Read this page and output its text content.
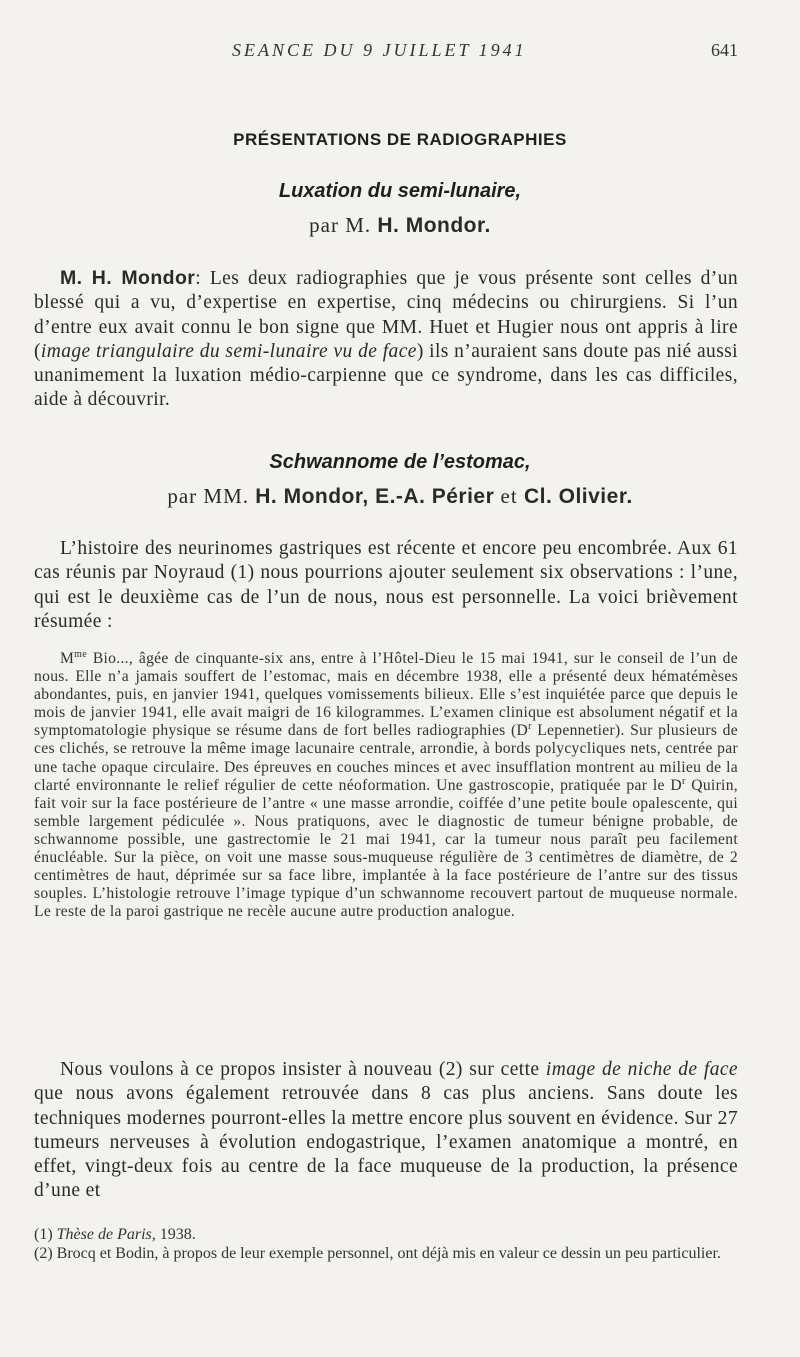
SEANCE DU 9 JUILLET 1941	641
PRÉSENTATIONS DE RADIOGRAPHIES
Luxation du semi-lunaire,
par M. H. Mondor.

M. H. Mondor: Les deux radiographies que je vous présente sont celles d’un blessé qui a vu, d’expertise en expertise, cinq médecins ou chirurgiens. Si l’un d’entre eux avait connu le bon signe que MM. Huet et Hugier nous ont appris à lire (image triangulaire du semi-lunaire vu de face) ils n’auraient sans doute pas nié aussi unanimement la luxation médio-carpienne que ce syndrome, dans les cas difficiles, aide à découvrir.

Schwannome de l’estomac,
par MM. H. Mondor, E.-A. Périer et Cl. Olivier.

L’histoire des neurinomes gastriques est récente et encore peu encombrée. Aux 61 cas réunis par Noyraud (1) nous pourrions ajouter seulement six observations : l’une, qui est le deuxième cas de l’un de nous, nous est personnelle. La voici brièvement résumée :

$M^{me}$ Bio..., âgée de cinquante-six ans, entre à l’Hôtel-Dieu le 15 mai 1941, sur le conseil de l’un de nous. Elle n’a jamais souffert de l’estomac, mais en décembre 1938, elle a présenté deux hématémèses abondantes, puis, en janvier 1941, quelques vomissements bilieux. Elle s’est inquiétée parce que depuis le mois de janvier 1941, elle avait maigri de 16 kilogrammes. L’examen clinique est absolument négatif et la symptomatologie physique se résume dans de fort belles radiographies ($D^r$ Lepennetier). Sur plusieurs de ces clichés, se retrouve la même image lacunaire centrale, arrondie, à bords polycycliques nets, centrée par une tache opaque circulaire. Des épreuves en couches minces et avec insufflation montrent au milieu de la clarté environnante le relief régulier de cette néoformation. Une gastroscopie, pratiquée par le $D^r$ Quirin, fait voir sur la face postérieure de l’antre « une masse arrondie, coiffée d’une petite boule opalescente, qui semble largement pédiculée ». Nous pratiquons, avec le diagnostic de tumeur bénigne probable, de schwannome possible, une gastrectomie le 21 mai 1941, car la tumeur nous paraît peu facilement énucléable. Sur la pièce, on voit une masse sous-muqueuse régulière de 3 centimètres de diamètre, de 2 centimètres de haut, déprimée sur sa face libre, implantée à la face postérieure de l’antre sur des tissus souples. L’histologie retrouve l’image typique d’un schwannome recouvert partout de muqueuse normale. Le reste de la paroi gastrique ne recèle aucune autre production analogue.

Nous voulons à ce propos insister à nouveau (2) sur cette image de niche de face que nous avons également retrouvée dans 8 cas plus anciens. Sans doute les techniques modernes pourront-elles la mettre encore plus souvent en évidence. Sur 27 tumeurs nerveuses à évolution endogastrique, l’examen anatomique a montré, en effet, vingt-deux fois au centre de la face muqueuse de la production, la présence d’une et

(1) Thèse de Paris, 1938.

(2) Brocq et Bodin, à propos de leur exemple personnel, ont déjà mis en valeur ce dessin un peu particulier.
